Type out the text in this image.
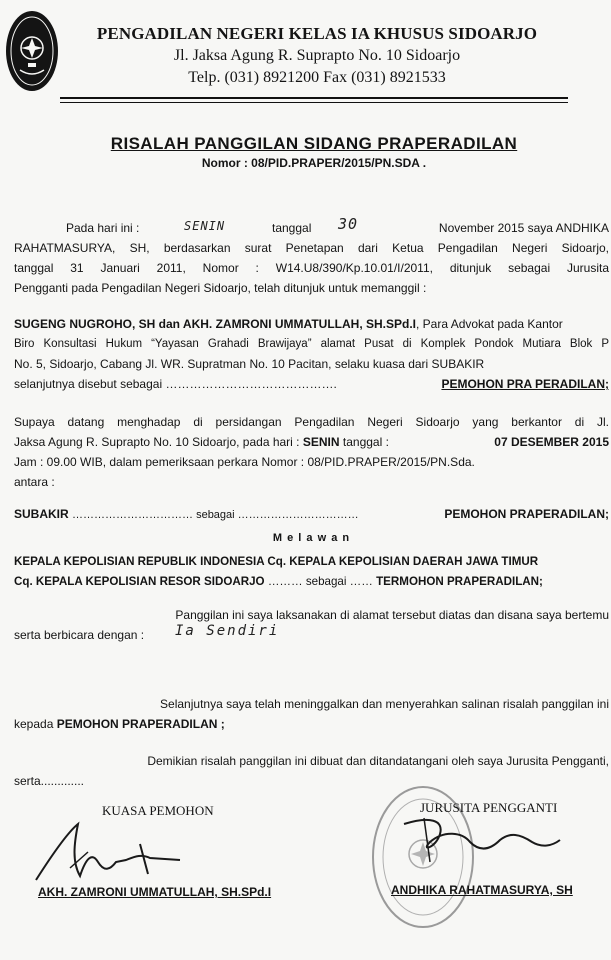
PENGADILAN NEGERI KELAS IA KHUSUS SIDOARJO
Jl. Jaksa Agung R. Suprapto No. 10 Sidoarjo
Telp. (031) 8921200 Fax (031) 8921533
RISALAH PANGGILAN SIDANG PRAPERADILAN
Nomor : 08/PID.PRAPER/2015/PN.SDA .
Pada hari ini :	SENIN	tanggal 30	November 2015 saya ANDHIKA
RAHATMASURYA, SH, berdasarkan surat Penetapan dari Ketua Pengadilan Negeri Sidoarjo,
tanggal 31 Januari 2011, Nomor : W14.U8/390/Kp.10.01/I/2011, ditunjuk sebagai Jurusita
Pengganti pada Pengadilan Negeri Sidoarjo, telah ditunjuk untuk memanggil :
SUGENG NUGROHO, SH dan AKH. ZAMRONI UMMATULLAH, SH.SPd.I, Para Advokat pada Kantor
Biro Konsultasi Hukum “Yayasan Grahadi Brawijaya” alamat Pusat di Komplek Pondok Mutiara Blok P
No. 5, Sidoarjo, Cabang Jl. WR. Supratman No. 10 Pacitan, selaku kuasa dari SUBAKIR
selanjutnya disebut sebagai …………………………………….	PEMOHON PRA PERADILAN;
Supaya datang menghadap di persidangan Pengadilan Negeri Sidoarjo yang berkantor di Jl.
Jaksa Agung R. Suprapto No. 10 Sidoarjo, pada hari : SENIN tanggal :	07 DESEMBER 2015
Jam : 09.00 WIB, dalam pemeriksaan perkara Nomor : 08/PID.PRAPER/2015/PN.Sda.
antara :
SUBAKIR …………………………… sebagai ……………………………	PEMOHON PRAPERADILAN;
M e l a w a n
KEPALA KEPOLISIAN REPUBLIK INDONESIA Cq. KEPALA KEPOLISIAN DAERAH JAWA TIMUR
Cq. KEPALA KEPOLISIAN RESOR SIDOARJO ……… sebagai …… TERMOHON PRAPERADILAN;
Panggilan ini saya laksanakan di alamat tersebut diatas dan disana saya bertemu
serta berbicara dengan : Ia Sendiri
Selanjutnya saya telah meninggalkan dan menyerahkan salinan risalah panggilan ini
kepada PEMOHON PRAPERADILAN ;
Demikian risalah panggilan ini dibuat dan ditandatangani oleh saya Jurusita Pengganti,
serta.............
KUASA PEMOHON	JURUSITA PENGGANTI
AKH. ZAMRONI UMMATULLAH, SH.SPd.I	ANDHIKA RAHATMASURYA, SH
